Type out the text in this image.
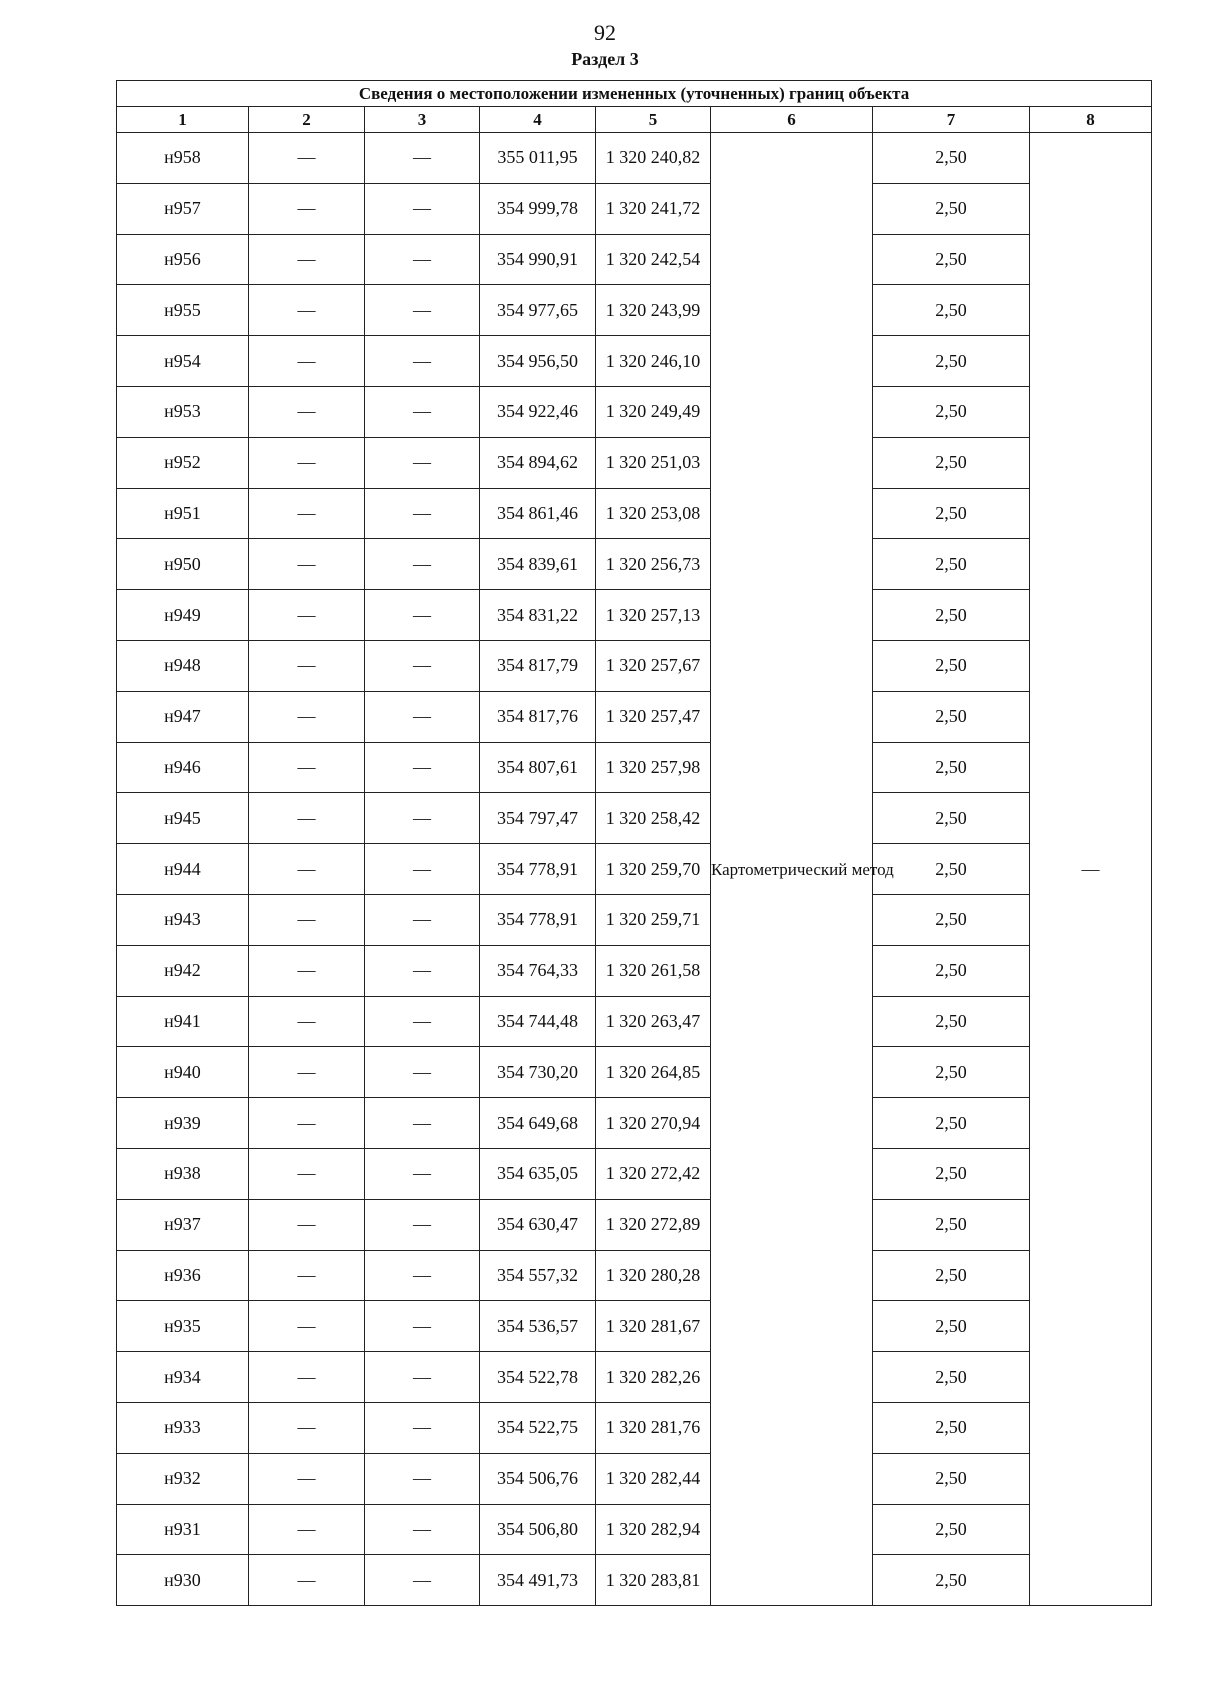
92
Раздел 3
Сведения о местоположении измененных (уточненных) границ объекта							
1	2	3	4	5	6	7	8
н958	—	—	355 011,95	1 320 240,82	Картометрический метод	2,50	—
н957	—	—	354 999,78	1 320 241,72		2,50	
н956	—	—	354 990,91	1 320 242,54		2,50	
н955	—	—	354 977,65	1 320 243,99		2,50	
н954	—	—	354 956,50	1 320 246,10		2,50	
н953	—	—	354 922,46	1 320 249,49		2,50	
н952	—	—	354 894,62	1 320 251,03		2,50	
н951	—	—	354 861,46	1 320 253,08		2,50	
н950	—	—	354 839,61	1 320 256,73		2,50	
н949	—	—	354 831,22	1 320 257,13		2,50	
н948	—	—	354 817,79	1 320 257,67		2,50	
н947	—	—	354 817,76	1 320 257,47		2,50	
н946	—	—	354 807,61	1 320 257,98		2,50	
н945	—	—	354 797,47	1 320 258,42		2,50	
н944	—	—	354 778,91	1 320 259,70		2,50	
н943	—	—	354 778,91	1 320 259,71		2,50	
н942	—	—	354 764,33	1 320 261,58		2,50	
н941	—	—	354 744,48	1 320 263,47		2,50	
н940	—	—	354 730,20	1 320 264,85		2,50	
н939	—	—	354 649,68	1 320 270,94		2,50	
н938	—	—	354 635,05	1 320 272,42		2,50	
н937	—	—	354 630,47	1 320 272,89		2,50	
н936	—	—	354 557,32	1 320 280,28		2,50	
н935	—	—	354 536,57	1 320 281,67		2,50	
н934	—	—	354 522,78	1 320 282,26		2,50	
н933	—	—	354 522,75	1 320 281,76		2,50	
н932	—	—	354 506,76	1 320 282,44		2,50	
н931	—	—	354 506,80	1 320 282,94		2,50	
н930	—	—	354 491,73	1 320 283,81		2,50	
